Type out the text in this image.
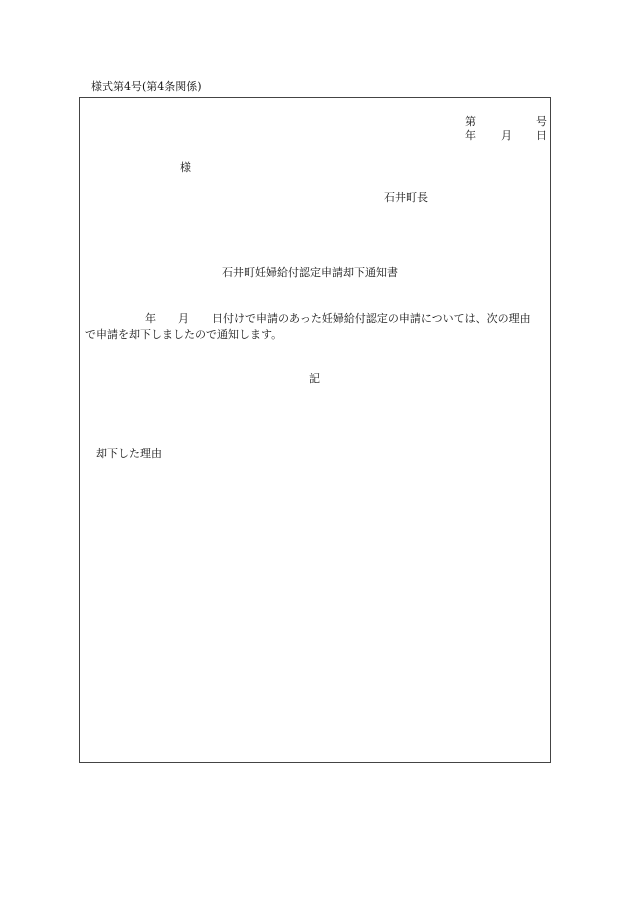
様式第4号(第4条関係)
第	号
年 月 日
様
石井町長
石井町妊婦給付認定申請却下通知書
年 月 日付けで申請のあった妊婦給付認定の申請については、次の理由
で申請を却下しましたので通知します。
記
却下した理由
